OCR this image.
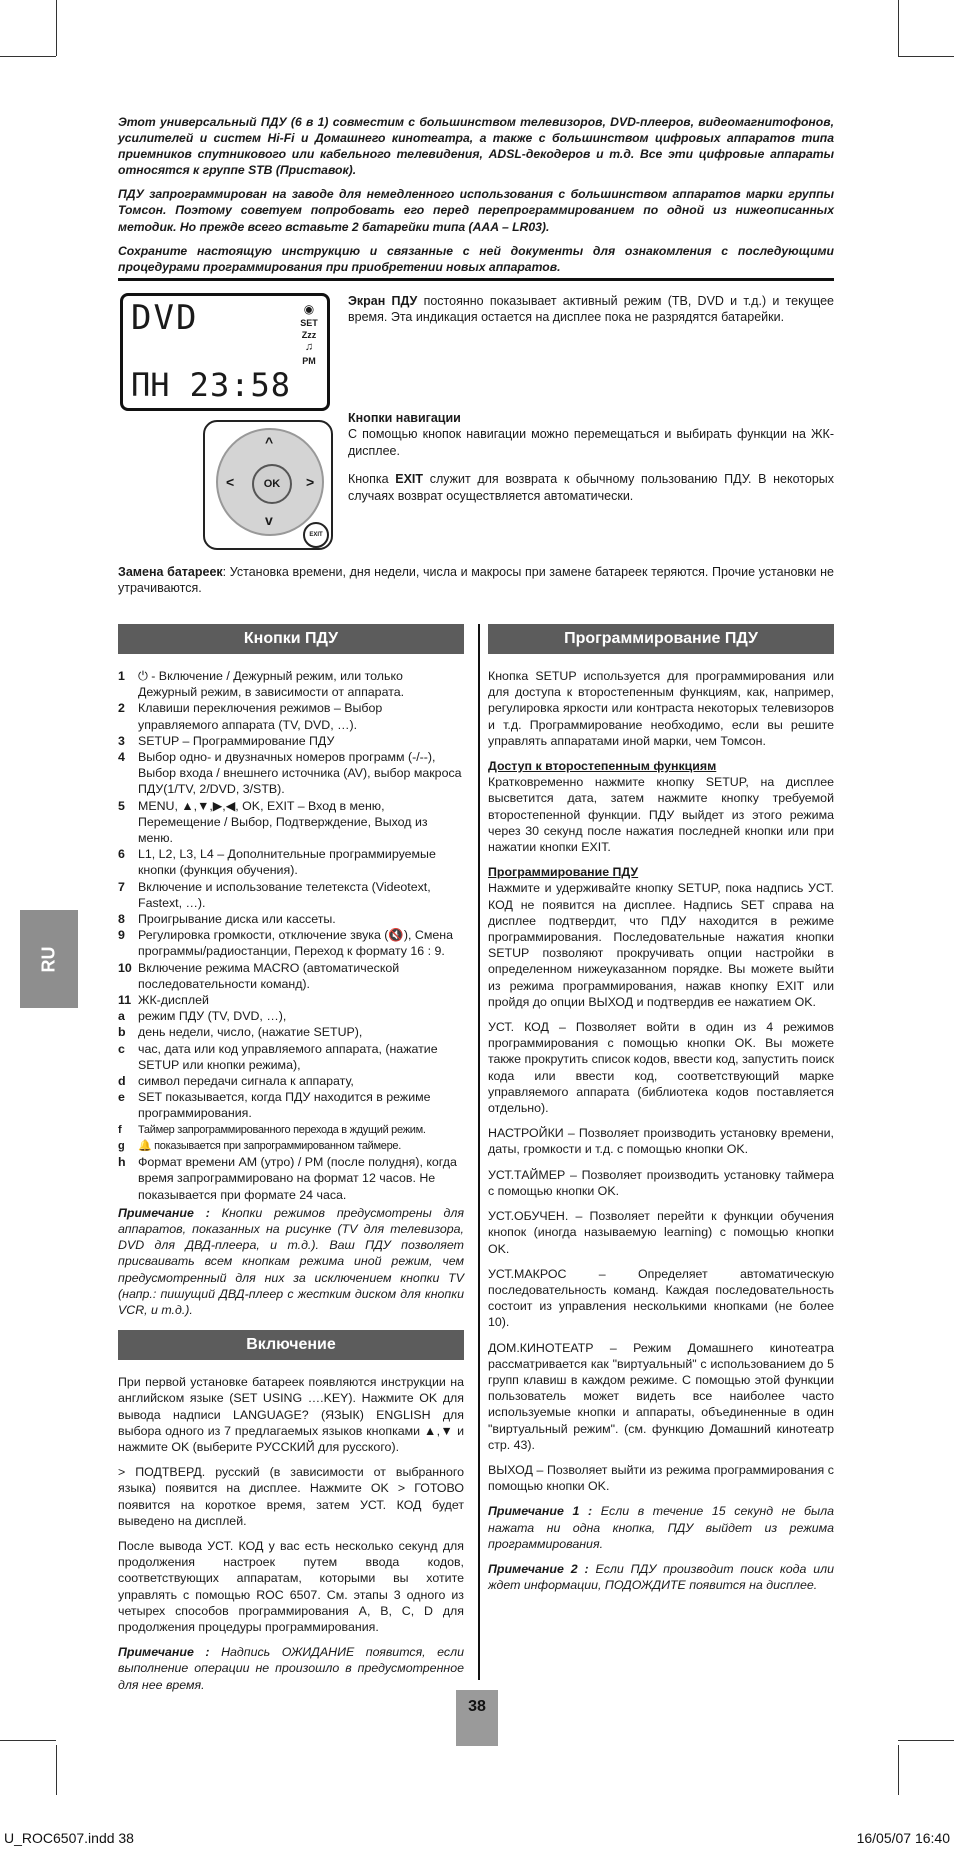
Этот универсальный ПДУ (6 в 1) совместим с большинством телевизоров, DVD-плееров, видеомагнитофонов, усилителей и систем Hi-Fi и Домашнего кинотеатра, а также с большинством цифровых аппаратов типа приемников спутникового или кабельного телевидения, ADSL-декодеров и т.д. Все эти цифровые аппараты относятся к группе STB (Приставок).

ПДУ запрограммирован на заводе для немедленного использования с большинством аппаратов марки группы Томсон. Поэтому советуем попробовать его перед перепрограммированием по одной из нижеописанных методик. Но прежде всего вставьте 2 батарейки типа (AAA – LR03).

Сохраните настоящую инструкцию и связанные с ней документы для ознакомления с последующими процедурами программирования при приобретении новых аппаратов.

DVD	◉
SET
Zzz
♫
PM
ПН 23:58
^
v
<	>
OK
EXIT

Экран ПДУ постоянно показывает активный режим (ТВ, DVD и т.д.) и текущее время. Эта индикация остается на дисплее пока не разрядятся батарейки.

Кнопки навигации

С помощью кнопок навигации можно перемещаться и выбирать функции на ЖК-дисплее.

Кнопка EXIT служит для возврата к обычному пользованию ПДУ. В некоторых случаях возврат осуществляется автоматически.

Замена батареек: Установка времени, дня недели, числа и макросы при замене батареек теряются. Прочие установки не утрачиваются.
Кнопки ПДУ
1 ⏻ - Включение / Дежурный режим, или только Дежурный режим, в зависимости от аппарата.
2 Клавиши переключения режимов – Выбор управляемого аппарата (TV, DVD, …).
3 SETUP – Программирование ПДУ
4 Выбор одно- и двузначных номеров программ (-/--), Выбор входа / внешнего источника (AV), выбор макроса ПДУ(1/TV, 2/DVD, 3/STB).
5 MENU, ▲,▼,▶,◀, OK, EXIT – Вход в меню, Перемещение / Выбор, Подтверждение, Выход из меню.
6 L1, L2, L3, L4 – Дополнительные программируемые кнопки (функция обучения).
7 Включение и использование телетекста (Videotext, Fastext, …).
8 Проигрывание диска или кассеты.
9 Регулировка громкости, отключение звука (🔇), Смена программы/радиостанции, Переход к формату 16 : 9.
10 Включение режима MACRO (автоматической последовательности команд).
11 ЖК-дисплей
a режим ПДУ (TV, DVD, …),
b день недели, число, (нажатие SETUP),
c час, дата или код управляемого аппарата, (нажатие SETUP или кнопки режима),
d символ передачи сигнала к аппарату,
e SET показывается, когда ПДУ находится в режиме программирования.
f Таймер запрограммированного перехода в ждущий режим.
g 🔔 показывается при запрограммированном таймере.
h Формат времени AM (утро) / PM (после полудня), когда время запрограммировано на формат 12 часов. Не показывается при формате 24 часа.

Примечание : Кнопки режимов предусмотрены для аппаратов, показанных на рисунке (TV для телевизора, DVD для ДВД-плеера, и т.д.). Ваш ПДУ позволяет присваивать всем кнопкам режима иной режим, чем предусмотренный для них за исключением кнопки TV (напр.: пишущий ДВД-плеер с жестким диском для кнопки VCR, и т.д.).

Включение

При первой установке батареек появляются инструкции на английском языке (SET USING ….KEY). Нажмите OK для вывода надписи LANGUAGE? (ЯЗЫК) ENGLISH для выбора одного из 7 предлагаемых языков кнопками ▲,▼ и нажмите OK (выберите РУССКИЙ для русского).

> ПОДТВЕРД. русский (в зависимости от выбранного языка) появится на дисплее. Нажмите OK > ГОТОВО появится на короткое время, затем УСТ. КОД будет выведено на дисплей.

После вывода УСТ. КОД у вас есть несколько секунд для продолжения настроек путем ввода кодов, соответствующих аппаратам, которыми вы хотите управлять с помощью ROC 6507. См. этапы 3 одного из четырех способов программирования A, B, C, D для продолжения процедуры программирования.

Примечание : Надпись ОЖИДАНИЕ появится, если выполнение операции не произошло в предусмотренное для нее время.

Программирование ПДУ

Кнопка SETUP используется для программирования или для доступа к второстепенным функциям, как, например, регулировка яркости или контраста некоторых телевизоров и т.д. Программирование необходимо, если вы решите управлять аппаратами иной марки, чем Томсон.

Доступ к второстепенным функциям

Кратковременно нажмите кнопку SETUP, на дисплее высветится дата, затем нажмите кнопку требуемой второстепенной функции. ПДУ выйдет из этого режима через 30 секунд после нажатия последней кнопки или при нажатии кнопки EXIT.

Программирование ПДУ

Нажмите и удерживайте кнопку SETUP, пока надпись УСТ. КОД не появится на дисплее. Надпись SET справа на дисплее подтвердит, что ПДУ находится в режиме программирования. Последовательные нажатия кнопки SETUP позволяют прокручивать опции настройки в определенном нижеуказанном порядке. Вы можете выйти из режима программирования, нажав кнопку EXIT или пройдя до опции ВЫХОД и подтвердив ее нажатием OK.

УСТ. КОД – Позволяет войти в один из 4 режимов программирования с помощью кнопки OK. Вы можете также прокрутить список кодов, ввести код, запустить поиск кода или ввести код, соответствующий марке управляемого аппарата (библиотека кодов поставляется отдельно).

НАСТРОЙКИ – Позволяет производить установку времени, даты, громкости и т.д. с помощью кнопки OK.

УСТ.ТАЙМЕР – Позволяет производить установку таймера с помощью кнопки OK.

УСТ.ОБУЧЕН. – Позволяет перейти к функции обучения кнопок (иногда называемую learning) с помощью кнопки OK.

УСТ.МАКРОС – Определяет автоматическую последовательность команд. Каждая последовательность состоит из управления несколькими кнопками (не более 10).

ДОМ.КИНОТЕАТР – Режим Домашнего кинотеатра рассматривается как "виртуальный" с использованием до 5 групп клавиш в каждом режиме. С помощью этой функции пользователь может видеть все наиболее часто используемые кнопки и аппараты, объединенные в один "виртуальный режим". (см. функцию Домашний кинотеатр стр. 43).

ВЫХОД – Позволяет выйти из режима программирования с помощью кнопки OK.

Примечание 1 : Если в течение 15 секунд не была нажата ни одна кнопка, ПДУ выйдет из режима программирования.

Примечание 2 : Если ПДУ производит поиск кода или ждет информации, ПОДОЖДИТЕ появится на дисплее.

RU
38
U_ROC6507.indd 38	16/05/07 16:40
